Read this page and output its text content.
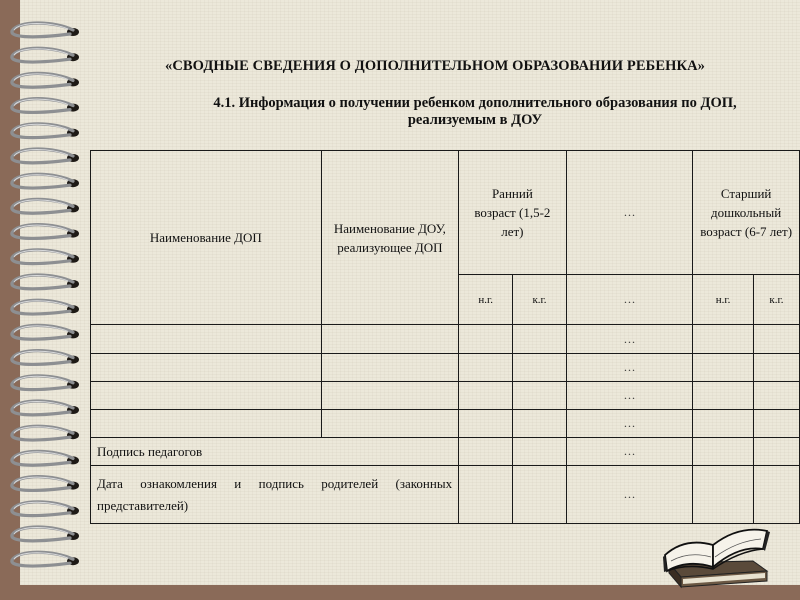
«СВОДНЫЕ СВЕДЕНИЯ О ДОПОЛНИТЕЛЬНОМ ОБРАЗОВАНИИ РЕБЕНКА»
4.1. Информация о получении ребенком дополнительного образования по ДОП,
реализуемым в ДОУ
Наименование ДОП	Наименование ДОУ, реализующее ДОП	Ранний возраст (1,5-2 лет)		…	Старший дошкольный возраст (6-7 лет)	
		н.г.	к.г.	…	н.г.	к.г.
				…		
				…		
				…		
				…		
Подпись педагогов				…		
Дата ознакомления и подпись родителей (законных представителей)				…		
